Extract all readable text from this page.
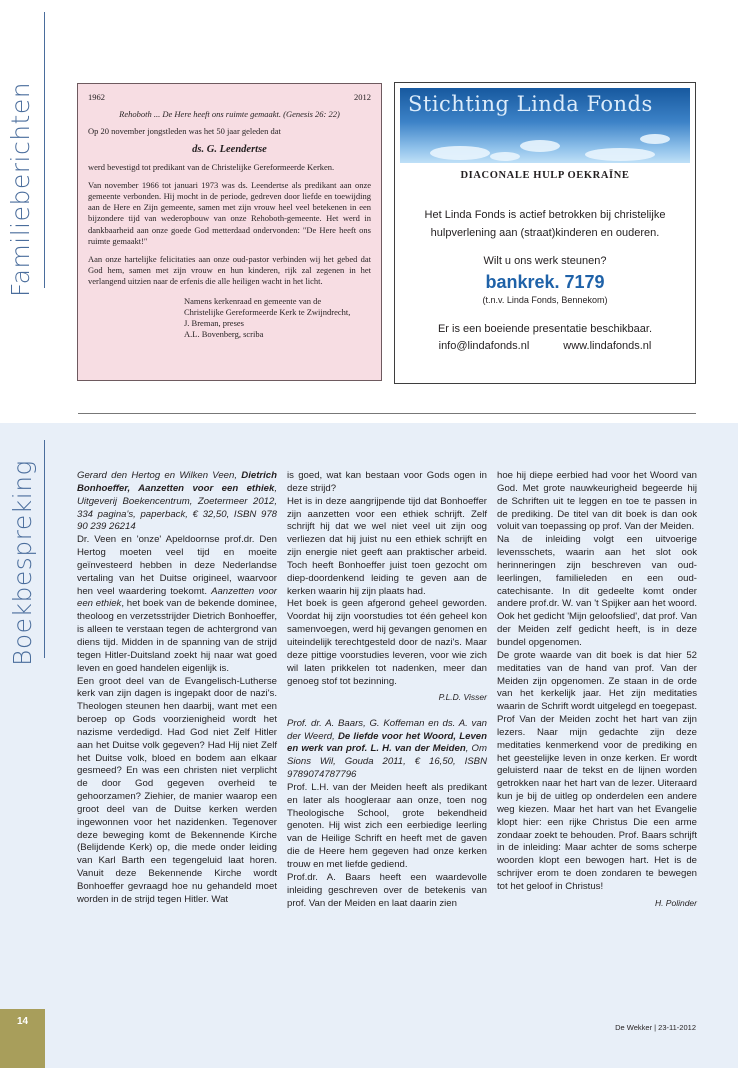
Familieberichten	1962	2012
Rehoboth ... De Here heeft ons ruimte gemaakt. (Genesis 26: 22)

Op 20 november jongstleden was het 50 jaar geleden dat

ds. G. Leendertse

werd bevestigd tot predikant van de Christelijke Gereformeerde Kerken.

Van november 1966 tot januari 1973 was ds. Leendertse als predikant aan onze gemeente verbonden. Hij mocht in de periode, gedreven door liefde en toewijding aan de Here en Zijn gemeente, samen met zijn vrouw heel veel betekenen in een bijzondere tijd van wederopbouw van onze Rehoboth-gemeente. Het werd in dankbaarheid aan onze goede God metterdaad ondervonden: "De Here heeft ons ruimte gemaakt!"

Aan onze hartelijke felicitaties aan onze oud-pastor verbinden wij het gebed dat God hem, samen met zijn vrouw en hun kinderen, rijk zal zegenen in het verlangend uitzien naar de erfenis die alle heiligen wacht in het licht.

Namens kerkenraad en gemeente van de
Christelijke Gereformeerde Kerk te Zwijndrecht,
J. Breman, preses
A.L. Bovenberg, scriba
Stichting Linda Fonds
DIACONALE HULP OEKRAÏNE
Het Linda Fonds is actief betrokken bij christelijke
hulpverlening aan (straat)kinderen en ouderen.
Wilt u ons werk steunen?
bankrek. 7179
(t.n.v. Linda Fonds, Bennekom)
Er is een boeiende presentatie beschikbaar.
info@lindafonds.nl	www.lindafonds.nl
Boekbespreking	Gerard den Hertog en Wilken Veen, Dietrich Bonhoeffer, Aanzetten voor een ethiek, Uitgeverij Boekencentrum, Zoetermeer 2012, 334 pagina's, paperback, € 32,50, ISBN 978 90 239 26214

Dr. Veen en 'onze' Apeldoornse prof.dr. Den Hertog moeten veel tijd en moeite geïnvesteerd hebben in deze Nederlandse vertaling van het Duitse origineel, waarvoor hen veel waardering toekomt. Aanzetten voor een ethiek, het boek van de bekende dominee, theoloog en verzetsstrijder Dietrich Bonhoeffer, is alleen te verstaan tegen de achtergrond van diens tijd. Midden in de spanning van de strijd tegen Hitler-Duitsland zoekt hij naar wat goed leven en goed handelen eigenlijk is.

Een groot deel van de Evangelisch-Lutherse kerk van zijn dagen is ingepakt door de nazi's. Theologen steunen hen daarbij, want met een beroep op Gods voorzienigheid wordt het nazisme verdedigd. Had God niet Zelf Hitler aan het Duitse volk gegeven? Had Hij niet Zelf het Duitse volk, bloed en bodem aan elkaar gesmeed? En was een christen niet verplicht de door God gegeven overheid te gehoorzamen? Ziehier, de manier waarop een groot deel van de Duitse kerken werden ingewonnen voor het nazidenken. Tegenover deze beweging komt de Bekennende Kirche (Belijdende Kerk) op, die mede onder leiding van Karl Barth een tegengeluid laat horen. Vanuit deze Bekennende Kirche wordt Bonhoeffer gevraagd hoe nu gehandeld moet worden in de strijd tegen Hitler. Wat

is goed, wat kan bestaan voor Gods ogen in deze strijd?

Het is in deze aangrijpende tijd dat Bonhoeffer zijn aanzetten voor een ethiek schrijft. Zelf schrijft hij dat we wel niet veel uit zijn oog verliezen dat hij juist nu een ethiek schrijft en zijn energie niet geeft aan praktischer arbeid. Toch heeft Bonhoeffer juist toen gezocht om diep-doordenkend leiding te geven aan de kerken waarin hij zijn plaats had.

Het boek is geen afgerond geheel geworden. Voordat hij zijn voorstudies tot één geheel kon samenvoegen, werd hij gevangen genomen en uiteindelijk terechtgesteld door de nazi's. Maar deze pittige voorstudies leveren, voor wie zich wil laten prikkelen tot nadenken, meer dan genoeg stof tot bezinning.

P.L.D. Visser

Prof. dr. A. Baars, G. Koffeman en ds. A. van der Weerd, De liefde voor het Woord, Leven en werk van prof. L. H. van der Meiden, Om Sions Wil, Gouda 2011, € 16,50, ISBN 9789074787796

Prof. L.H. van der Meiden heeft als predikant en later als hoogleraar aan onze, toen nog Theologische School, grote bekendheid genoten. Hij wist zich een eerbiedige leerling van de Heilige Schrift en heeft met de gaven die de Heere hem gegeven had onze kerken trouw en met liefde gediend.

Prof.dr. A. Baars heeft een waardevolle inleiding geschreven over de betekenis van prof. Van der Meiden en laat daarin zien

hoe hij diepe eerbied had voor het Woord van God. Met grote nauwkeurigheid begeerde hij de Schriften uit te leggen en toe te passen in de prediking. De titel van dit boek is dan ook voluit van toepassing op prof. Van der Meiden.

Na de inleiding volgt een uitvoerige levensschets, waarin aan het slot ook herinneringen zijn beschreven van oud-leerlingen, familieleden en een oud-catechisante. In dit gedeelte komt onder andere prof.dr. W. van 't Spijker aan het woord. Ook het gedicht 'Mijn geloofslied', dat prof. Van der Meiden zelf gedicht heeft, is in deze bundel opgenomen.

De grote waarde van dit boek is dat hier 52 meditaties van de hand van prof. Van der Meiden zijn opgenomen. Ze staan in de orde van het kerkelijk jaar. Het zijn meditaties waarin de Schrift wordt uitgelegd en toegepast. Prof Van der Meiden zocht het hart van zijn lezers. Naar mijn gedachte zijn deze meditaties kenmerkend voor de prediking en het geestelijke leven in onze kerken. Er wordt geluisterd naar de tekst en de lijnen worden getrokken naar het hart van de lezer. Uiteraard kun je bij de uitleg op onderdelen een andere weg kiezen. Maar het hart van het Evangelie klopt hier: een rijke Christus Die een arme zondaar zoekt te behouden. Prof. Baars schrijft in de inleiding: Maar achter de soms scherpe woorden klopt een bewogen hart. Het is de schrijver erom te doen zondaren te bewegen tot het geloof in Christus!

H. Polinder
14
De Wekker | 23-11-2012
